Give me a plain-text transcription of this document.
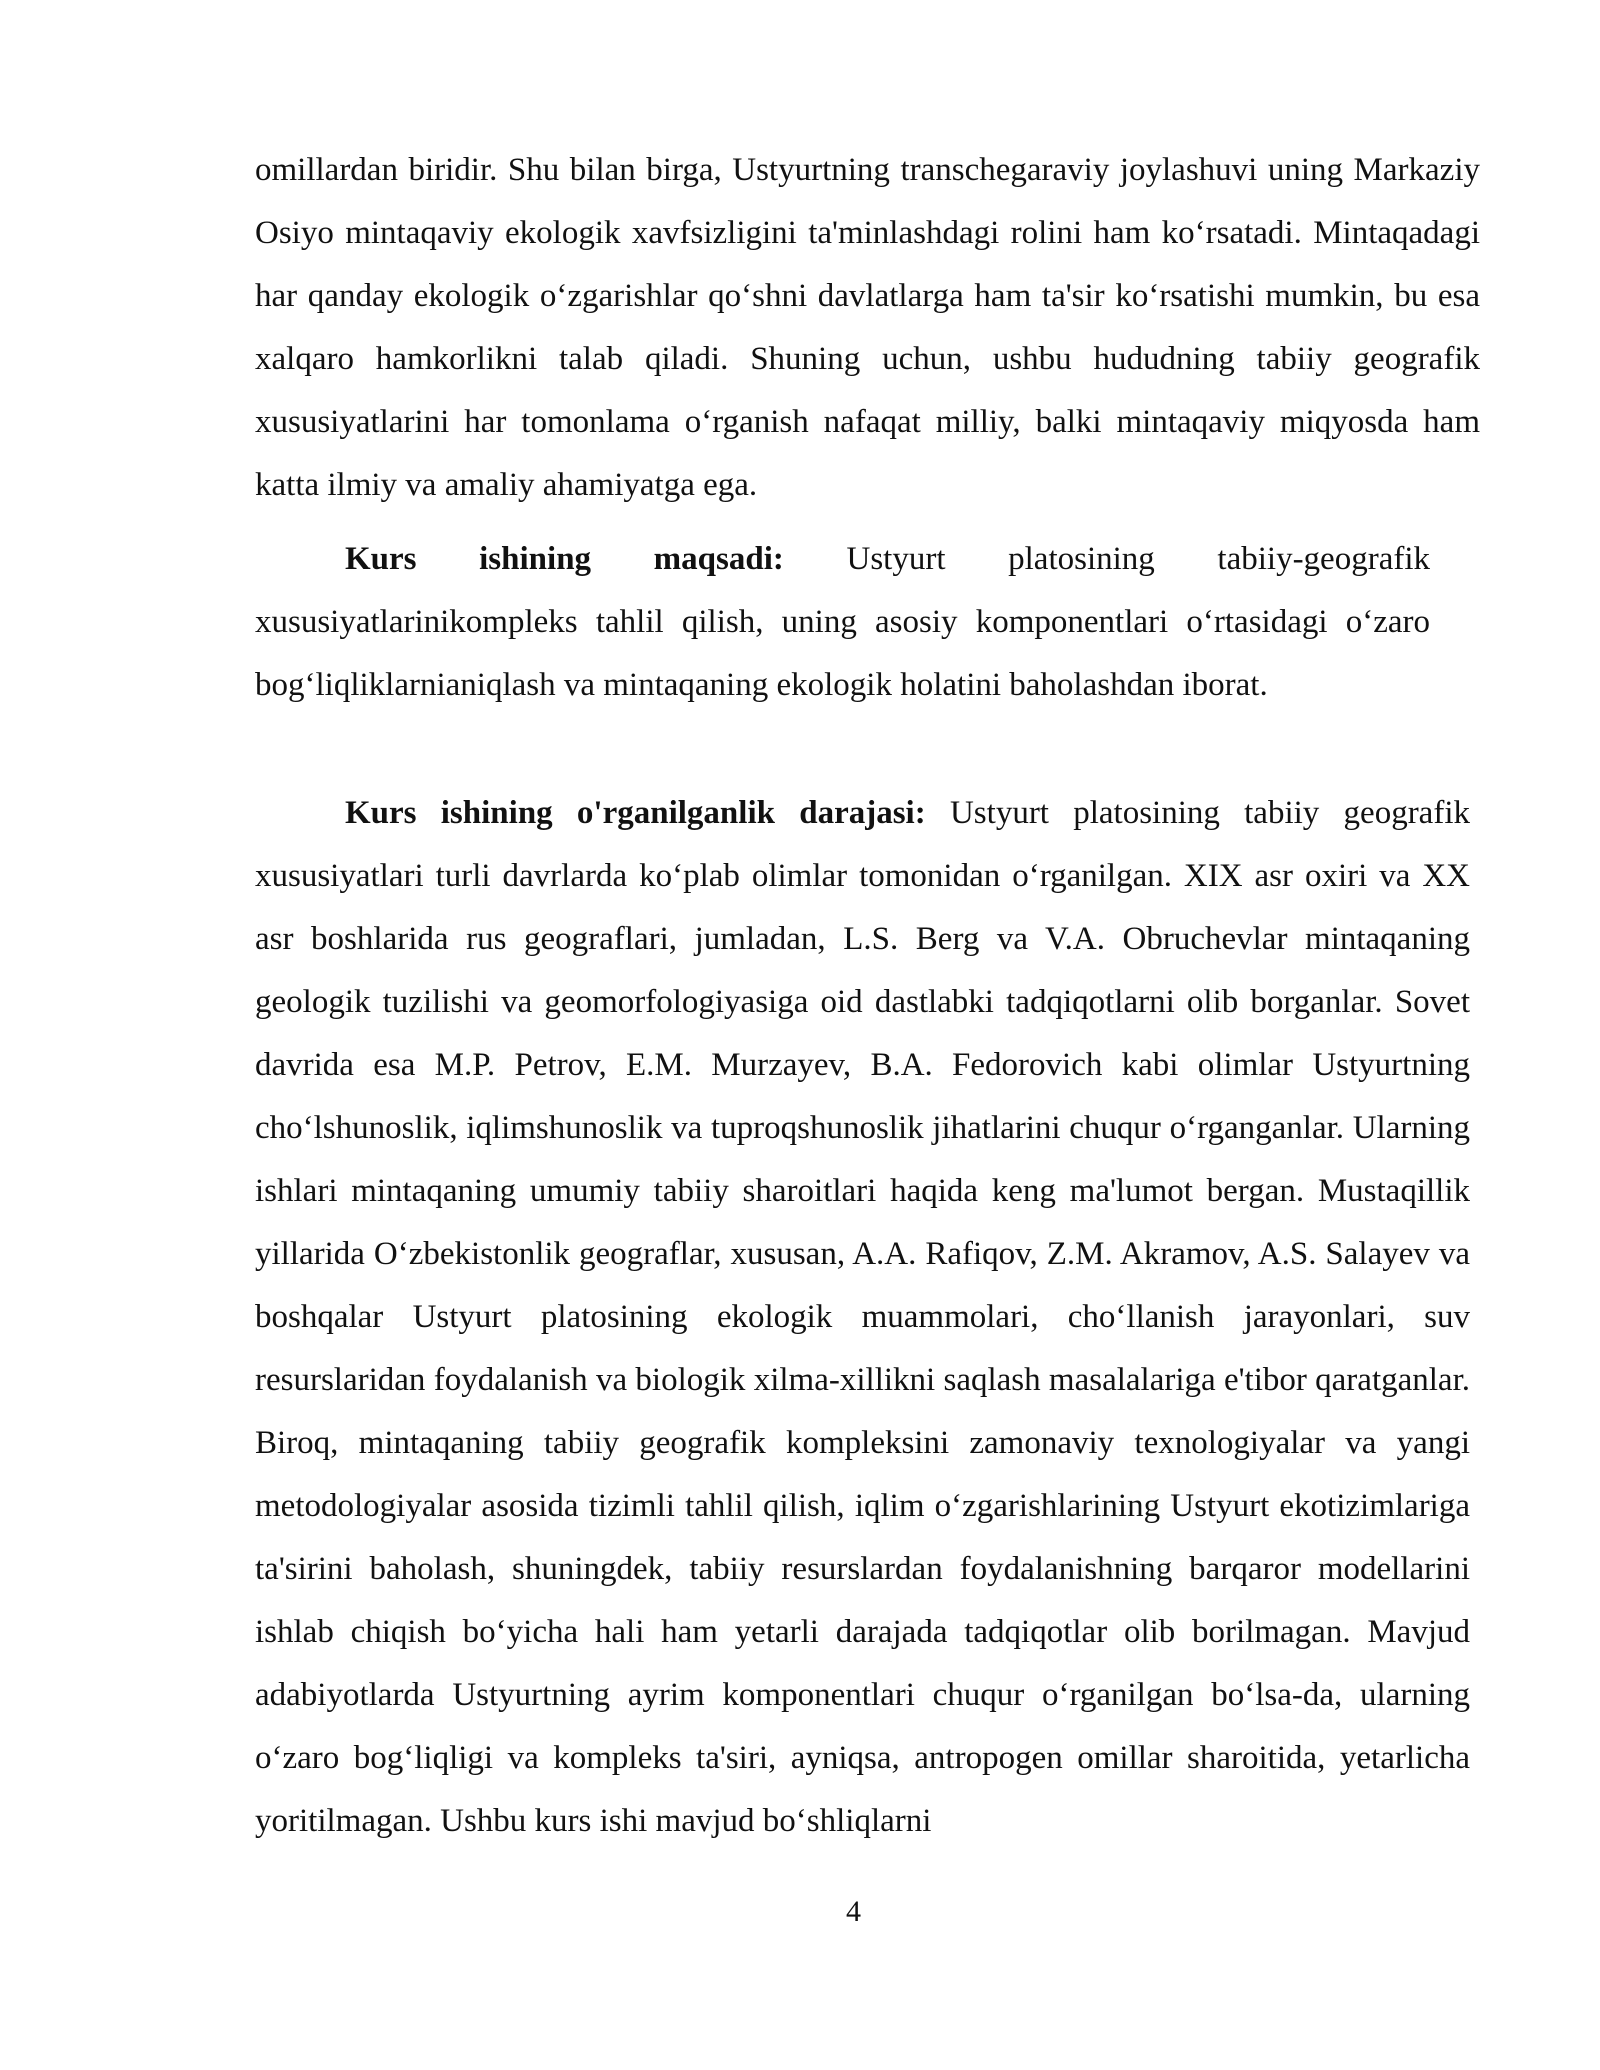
omillardan biridir. Shu bilan birga, Ustyurtning transchegaraviy joylashuvi uning Markaziy Osiyo mintaqaviy ekologik xavfsizligini ta'minlashdagi rolini ham ko‘rsatadi. Mintaqadagi har qanday ekologik o‘zgarishlar qo‘shni davlatlarga ham ta'sir ko‘rsatishi mumkin, bu esa xalqaro hamkorlikni talab qiladi. Shuning uchun, ushbu hududning tabiiy geografik xususiyatlarini har tomonlama o‘rganish nafaqat milliy, balki mintaqaviy miqyosda ham katta ilmiy va amaliy ahamiyatga ega.

Kurs ishining maqsadi: Ustyurt platosining tabiiy-geografik xususiyatlarinikompleks tahlil qilish, uning asosiy komponentlari o‘rtasidagi o‘zaro bog‘liqliklarnianiqlash va mintaqaning ekologik holatini baholashdan iborat.

Kurs ishining o'rganilganlik darajasi: Ustyurt platosining tabiiy geografik xususiyatlari turli davrlarda ko‘plab olimlar tomonidan o‘rganilgan. XIX asr oxiri va XX asr boshlarida rus geograflari, jumladan, L.S. Berg va V.A. Obruchevlar mintaqaning geologik tuzilishi va geomorfologiyasiga oid dastlabki tadqiqotlarni olib borganlar. Sovet davrida esa M.P. Petrov, E.M. Murzayev, B.A. Fedorovich kabi olimlar Ustyurtning cho‘lshunoslik, iqlimshunoslik va tuproqshunoslik jihatlarini chuqur o‘rganganlar. Ularning ishlari mintaqaning umumiy tabiiy sharoitlari haqida keng ma'lumot bergan. Mustaqillik yillarida O‘zbekistonlik geograflar, xususan, A.A. Rafiqov, Z.M. Akramov, A.S. Salayev va boshqalar Ustyurt platosining ekologik muammolari, cho‘llanish jarayonlari, suv resurslaridan foydalanish va biologik xilma-xillikni saqlash masalalariga e'tibor qaratganlar. Biroq, mintaqaning tabiiy geografik kompleksini zamonaviy texnologiyalar va yangi metodologiyalar asosida tizimli tahlil qilish, iqlim o‘zgarishlarining Ustyurt ekotizimlariga ta'sirini baholash, shuningdek, tabiiy resurslardan foydalanishning barqaror modellarini ishlab chiqish bo‘yicha hali ham yetarli darajada tadqiqotlar olib borilmagan. Mavjud adabiyotlarda Ustyurtning ayrim komponentlari chuqur o‘rganilgan bo‘lsa-da, ularning o‘zaro bog‘liqligi va kompleks ta'siri, ayniqsa, antropogen omillar sharoitida, yetarlicha yoritilmagan. Ushbu kurs ishi mavjud bo‘shliqlarni

4
